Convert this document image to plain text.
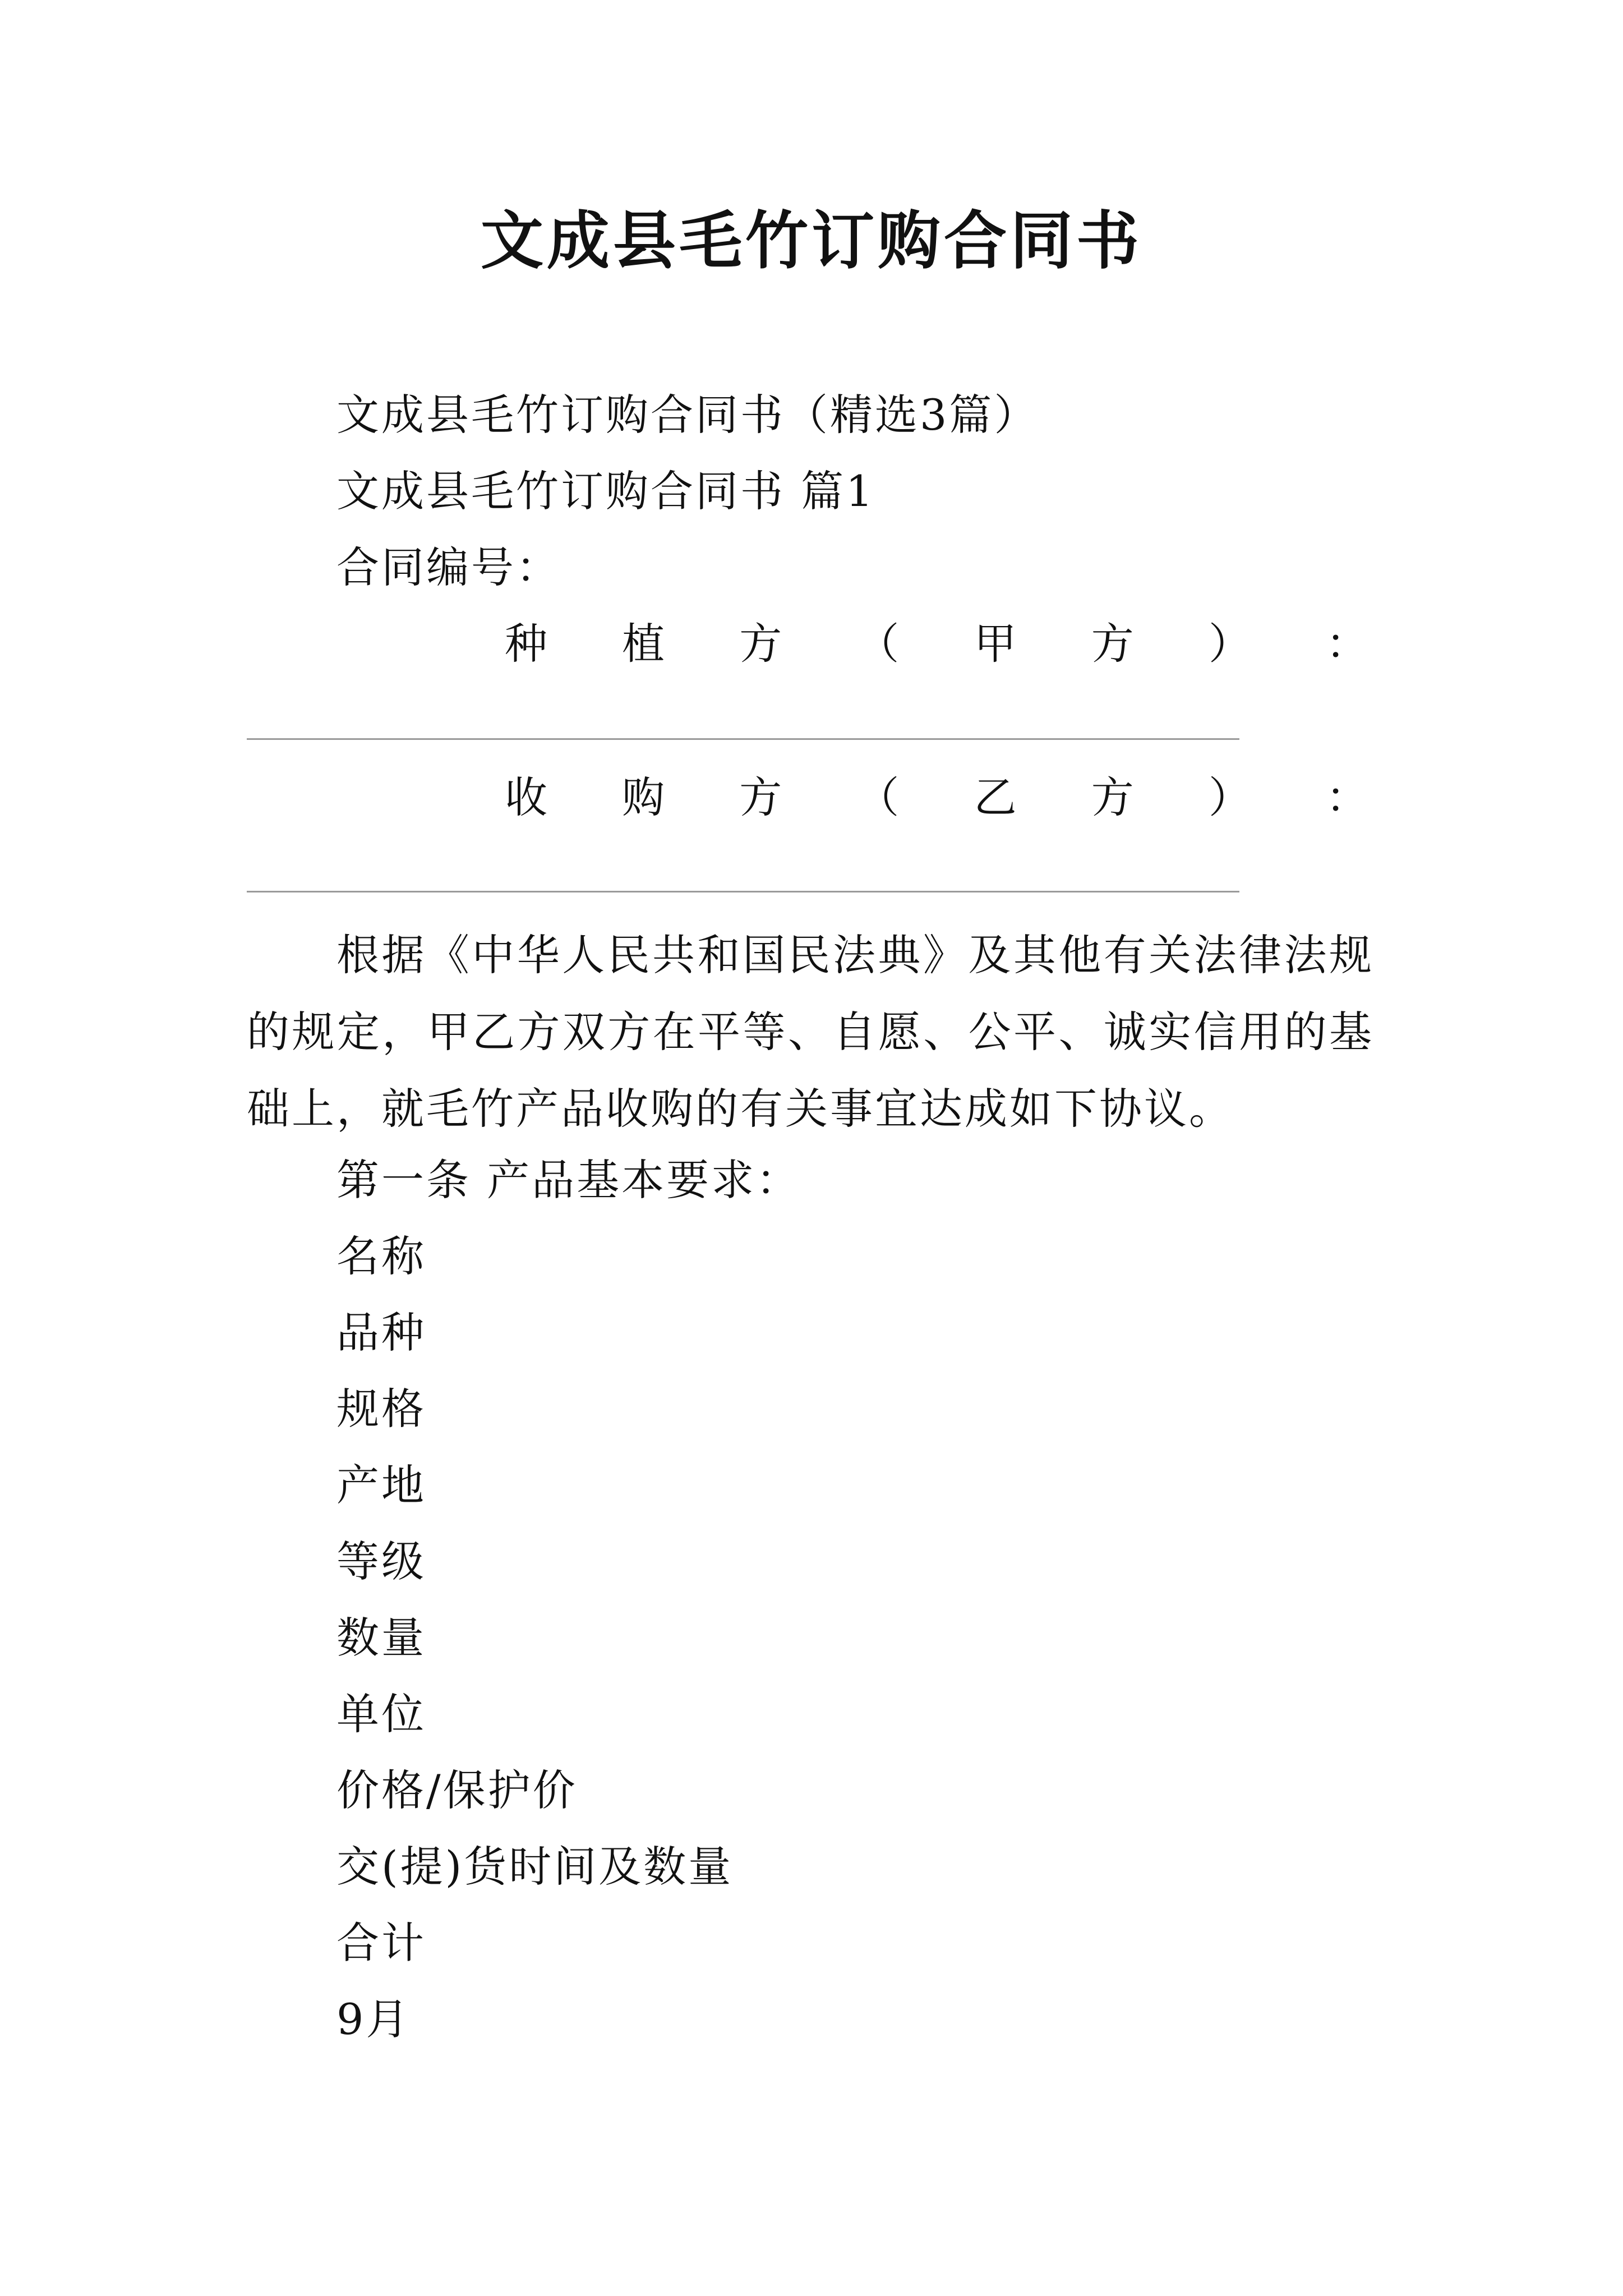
文成县毛竹订购合同书
文成县毛竹订购合同书（精选3篇）
文成县毛竹订购合同书 篇1
合同编号：
种 植 方 （ 甲 方 ） ：
收 购 方 （ 乙 方 ） ：
根据《中华人民共和国民法典》及其他有关法律法规的规定，甲乙方双方在平等、自愿、公平、诚实信用的基础上，就毛竹产品收购的有关事宜达成如下协议。
第一条 产品基本要求：
名称
品种
规格
产地
等级
数量
单位
价格/保护价
交(提)货时间及数量
合计
9月
